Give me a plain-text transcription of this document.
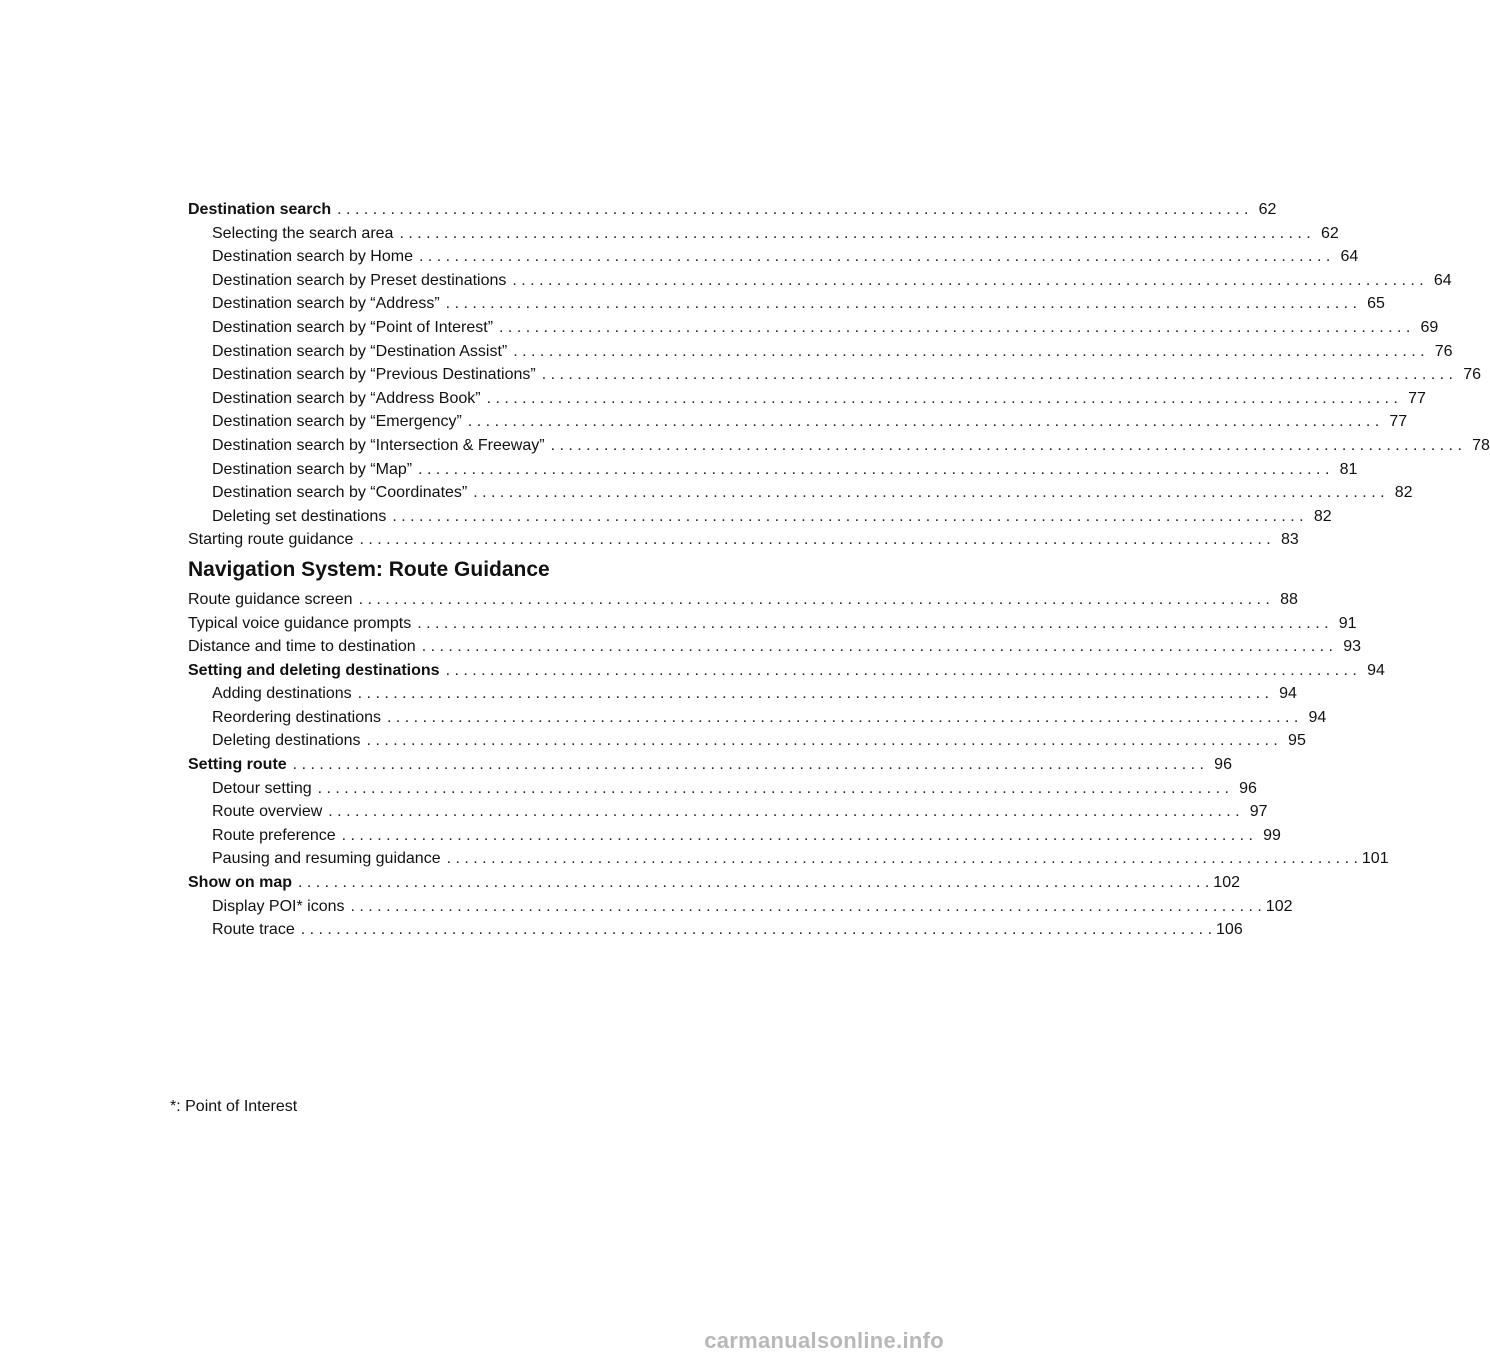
Destination search . . .	62
Selecting the search area . . .	62
Destination search by Home . . .	64
Destination search by Preset destinations . . .	64
Destination search by “Address” . . .	65
Destination search by “Point of Interest” . . .	69
Destination search by “Destination Assist” . . .	76
Destination search by “Previous Destinations” . . .	76
Destination search by “Address Book” . . .	77
Destination search by “Emergency” . . .	77
Destination search by “Intersection & Freeway” . . .	78
Destination search by “Map” . . .	81
Destination search by “Coordinates” . . .	82
Deleting set destinations . . .	82
Starting route guidance . . .	83
Navigation System: Route Guidance
Route guidance screen . . .	88
Typical voice guidance prompts . . .	91
Distance and time to destination . . .	93
Setting and deleting destinations . . .	94
Adding destinations . . .	94
Reordering destinations . . .	94
Deleting destinations . . .	95
Setting route . . .	96
Detour setting . . .	96
Route overview . . .	97
Route preference . . .	99
Pausing and resuming guidance . . .	101
Show on map . . .	102
Display POI* icons . . .	102
Route trace . . .	106
*: Point of Interest
carmanualsonline.info
